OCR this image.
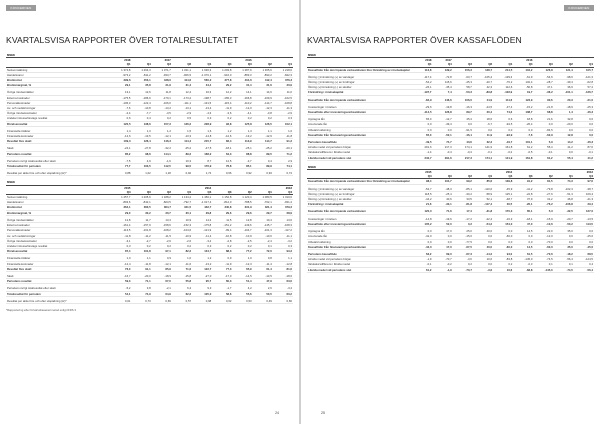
KONCERNEN
KVARTALSVISA RAPPORTER ÖVER TOTALRESULTATET
MSEK									
	2018		2017				2016		
	Q1	Q4	Q3	Q2	Q1	Q4	Q3	Q2	Q1
Nettoomsättning	1 372,8	1 264,3	1 371,7	1 321,1	1 630,3	1 293,8	1 287,9	1 305,6	1 218,6
Handelsvaror	-973,2	-811,2	-933,7	-906,5	-1 070,1	-916,0	-883,3	-893,2	-842,3
Bruttovinst	399,6	453,1	438,0	414,6	560,2	377,8	404,6	412,4	376,3
Bruttomarginal, %	29,1	35,8	31,9	31,4	34,4	29,2	31,4	31,6	30,9

Övriga rörelseintäkter	13,1	12,6	11,8	12,4	16,3	12,2	14,1	14,6	11,0
Externa kostnader	-175,5	-186,6	-170,1	-173,2	-198,7	-165,3	-166,8	-169,9	-162,5
Personalkostnader	-106,3	-122,4	-106,0	-111,1	-131,5	-115,4	-110,2	-114,7	-108,8
Av- och nedskrivningar	-7,6	-10,8	-13,2	-13,1	-13,4	-11,9	-12,0	-12,3	-11,3
Övriga rörelsekostnader	-2,4	-7,7	-3,5	-2,9	-4,3	-3,6	-4,1	-3,8	-2,9
Andelar intresseföretags resultat	0,6	0,4	0,2	0,5	0,3	0,2	0,2	0,2	0,3
Rörelseresultat	120,5	138,6	157,2	126,2	228,9	93,8	125,8	126,5	102,1

Finansiella intäkter	1,4	1,3	1,2	1,5	1,6	1,2	1,3	1,1	1,0
Finansiella kostnader	-12,6	-13,5	-12,1	-13,3	-14,8	-12,6	-13,2	-12,9	-11,8
Resultat före skatt	109,3	126,4	146,3	114,4	215,7	82,4	113,9	114,7	91,3

Skatt	-24,1	-27,8	-32,2	-25,2	-47,5	-18,1	-25,1	-25,2	-20,1
Periodens resultat	85,2	98,6	114,1	89,2	168,2	64,3	88,8	89,5	71,2

Periodens övrigt totalresultat efter skatt	-7,5	4,9	-1,6	10,3	8,7	12,5	-3,7	0,4	2,9
Totalresultat för perioden	77,7	103,5	112,5	99,5	176,9	76,8	85,1	89,9	74,1

Resultat per aktie före och efter utspädning (kr)*	0,88	1,02	1,18	0,92	1,74	0,66	0,92	0,93	0,74
MSEK									
	2015				2014				2013
	Q4	Q3	Q2	Q1	Q4	Q3	Q2	Q1	Q4
Nettoomsättning	1 257,7	1 205,6	1 188,2	1 134,2	1 450,1	1 152,8	1 120,4	1 083,5	1 310,6
Handelsvaror	-893,6	-842,1	-823,5	-792,7	-1 017,4	-812,0	-788,5	-762,1	-931,4
Bruttovinst	364,1	363,5	364,7	341,5	432,7	340,8	331,9	321,4	379,2
Bruttomarginal, %	29,0	30,2	30,7	30,1	29,8	29,6	29,6	29,7	28,9

Övriga rörelseintäkter	12,8	11,7	13,4	10,9	14,2	11,5	12,8	10,4	13,6
Externa kostnader	-161,4	-157,9	-158,6	-152,3	-175,8	-151,2	-149,6	-145,7	-168,3
Personalkostnader	-113,5	-101,8	-108,2	-104,6	-121,9	-99,4	-104,7	-101,3	-117,2
Av- och nedskrivningar	-11,8	-11,2	-11,5	-10,9	-11,4	-10,8	-10,9	-10,6	-11,1
Övriga rörelsekostnader	-3,1	-2,7	-2,9	-2,6	-3,4	-2,8	-2,5	-2,4	-3,2
Andelar intresseföretags resultat	0,3	0,2	0,2	0,2	0,3	0,2	0,2	0,1	0,3
Rörelseresultat	87,4	101,8	97,1	82,2	134,7	88,3	77,2	72,0	93,3

Finansiella intäkter	1,0	1,1	0,9	1,0	1,2	0,9	1,0	0,8	1,1
Finansiella kostnader	-12,4	-11,8	-12,1	-11,6	-13,2	-11,9	-12,3	-11,4	-12,8
Resultat före skatt	76,0	91,1	85,9	71,6	122,7	77,3	65,9	61,4	81,6

Skatt	-16,7	-20,0	-18,9	-15,8	-27,0	-17,0	-14,5	-13,5	-18,0
Periodens resultat	59,3	71,1	67,0	55,8	95,7	60,3	51,4	47,9	63,6

Periodens övrigt totalresultat efter skatt	-5,2	3,8	-2,1	6,4	9,3	-1,7	4,2	2,6	-3,4
Totalresultat för perioden	54,1	74,9	64,9	62,2	105,0	58,6	55,6	50,5	60,2

Resultat per aktie före och efter utspädning (kr)*	0,61	0,73	0,69	0,57	0,98	0,62	0,53	0,49	0,66
*Rapportering efter förvärvsbaserad metod enligt IFRS 3
24
KONCERNEN
KVARTALSVISA RAPPORTER ÖVER KASSAFLÖDEN
MSEK									
	2018	2017				2016			
	Q1	Q4	Q3	Q2	Q1	Q4	Q3	Q2	Q1
Kassaflöde från den löpande verksamheten före förändring av rörelsekapital	112,8	139,2	156,3	128,7	214,5	104,2	126,8	121,4	105,7

Ökning (-)/minskning (+) av varulager	-117,4	-72,8	-63,7	-105,4	-139,3	-61,9	-54,6	-98,6	-121,3
Ökning (-)/minskning (+) av fordringar	-54,2	115,6	-45,3	-20,7	-76,2	132,4	-28,7	-39,4	-62,8
Ökning (+)/minskning (-) av skulder	-26,1	-35,4	58,7	42,3	112,6	-50,8	47,1	36,9	57,4
Förändring i rörelsekapital	-197,7	7,4	-50,3	-83,8	-102,9	19,7	-36,2	-101,1	-126,7

Kassaflöde från den löpande verksamheten	-84,9	146,6	106,0	44,9	111,6	123,9	90,6	20,3	-21,0

Investeringar i rörelsen	-29,6	-19,8	-16,3	-24,5	-37,4	-15,2	-21,8	-18,9	-25,3
Kassaflöde efter investeringsverksamheten	-114,5	126,8	89,7	20,4	74,2	108,7	68,8	1,4	-46,3

Upptagna lån	65,0	-12,7	45,4	18,6	0,6	18,8	21,6	32,8	0,0
Amorterade lån	0,0	-39,4	0,0	-6,7	-94,5	-26,4	0,0	-20,0	0,0
Utbetald utdelning	0,0	0,0	-91,5	0,0	0,0	0,0	-84,5	0,0	0,0
Kassaflöde från finansieringsverksamheten	65,0	-52,1	-46,1	11,9	-93,9	-7,6	-62,9	12,8	0,0

Periodens kassaflöde	-49,5	74,7	43,6	32,3	-19,7	101,1	5,9	14,2	-46,3
Likvida medel vid periodens början	291,6	217,3	174,1	141,9	161,8	61,2	55,4	41,2	87,6
Valutakursdifferens i likvida medel	-1,4	-0,4	-0,4	-0,1	-0,2	-0,5	-0,1	0,0	-0,1
Likvida medel vid periodens slut	240,7	291,6	217,3	174,1	141,9	161,8	61,2	55,4	41,2
MSEK									
	2015				2014				2013
	Q4	Q3	Q2	Q1	Q4	Q3	Q2	Q1	Q4
Kassaflöde från den löpande verksamheten före förändring av rörelsekapital	98,4	104,7	99,2	85,6	139,8	91,2	81,5	74,3	97,6

Ökning (-)/minskning (+) av varulager	-52,7	-48,3	-85,1	-110,6	-45,9	-41,2	-79,8	-102,3	-38,7
Ökning (-)/minskning (+) av fordringar	118,5	-25,4	-30,2	-58,9	125,1	-22,8	-27,6	-51,3	109,4
Ökning (+)/minskning (-) av skulder	-44,2	40,6	33,5	52,1	-48,7	37,9	31,2	46,8	-41,3
Förändring i rörelsekapital	21,6	-33,1	-81,8	-117,4	30,5	-26,1	-76,2	-106,8	29,4

Kassaflöde från den löpande verksamheten	120,0	71,6	17,4	-31,8	170,3	65,1	5,3	-32,5	127,0

Investeringar i rörelsen	-14,8	-19,6	-17,2	-22,4	-16,3	-18,1	-15,9	-20,7	-13,5
Kassaflöde efter investeringsverksamheten	105,2	52,0	0,2	-54,2	154,0	47,0	-10,6	-53,2	113,5

Upptagna lån	0,0	17,0	25,0	40,0	0,0	14,5	22,0	35,0	0,0
Amorterade lån	-42,0	0,0	-15,0	0,0	-60,0	0,0	-12,0	0,0	-45,0
Utbetald utdelning	0,0	0,0	-77,5	0,0	0,0	0,0	-70,0	0,0	0,0
Kassaflöde från finansieringsverksamheten	-42,0	17,0	-67,5	40,0	-60,0	14,5	-60,0	35,0	-45,0

Periodens kassaflöde	63,2	69,0	-67,3	-14,2	94,0	61,5	-70,6	-18,2	68,5
Likvida medel vid periodens början	-1,9	-70,7	-3,6	10,6	-83,8	-145,0	-74,5	-56,4	-124,5
Valutakursdifferens i likvida medel	-0,1	-0,2	0,2	0,0	0,2	-0,3	0,1	0,1	0,4
Likvida medel vid periodens slut	61,2	-1,9	-70,7	-3,6	10,6	-83,8	-145,0	-74,5	-56,4
25
